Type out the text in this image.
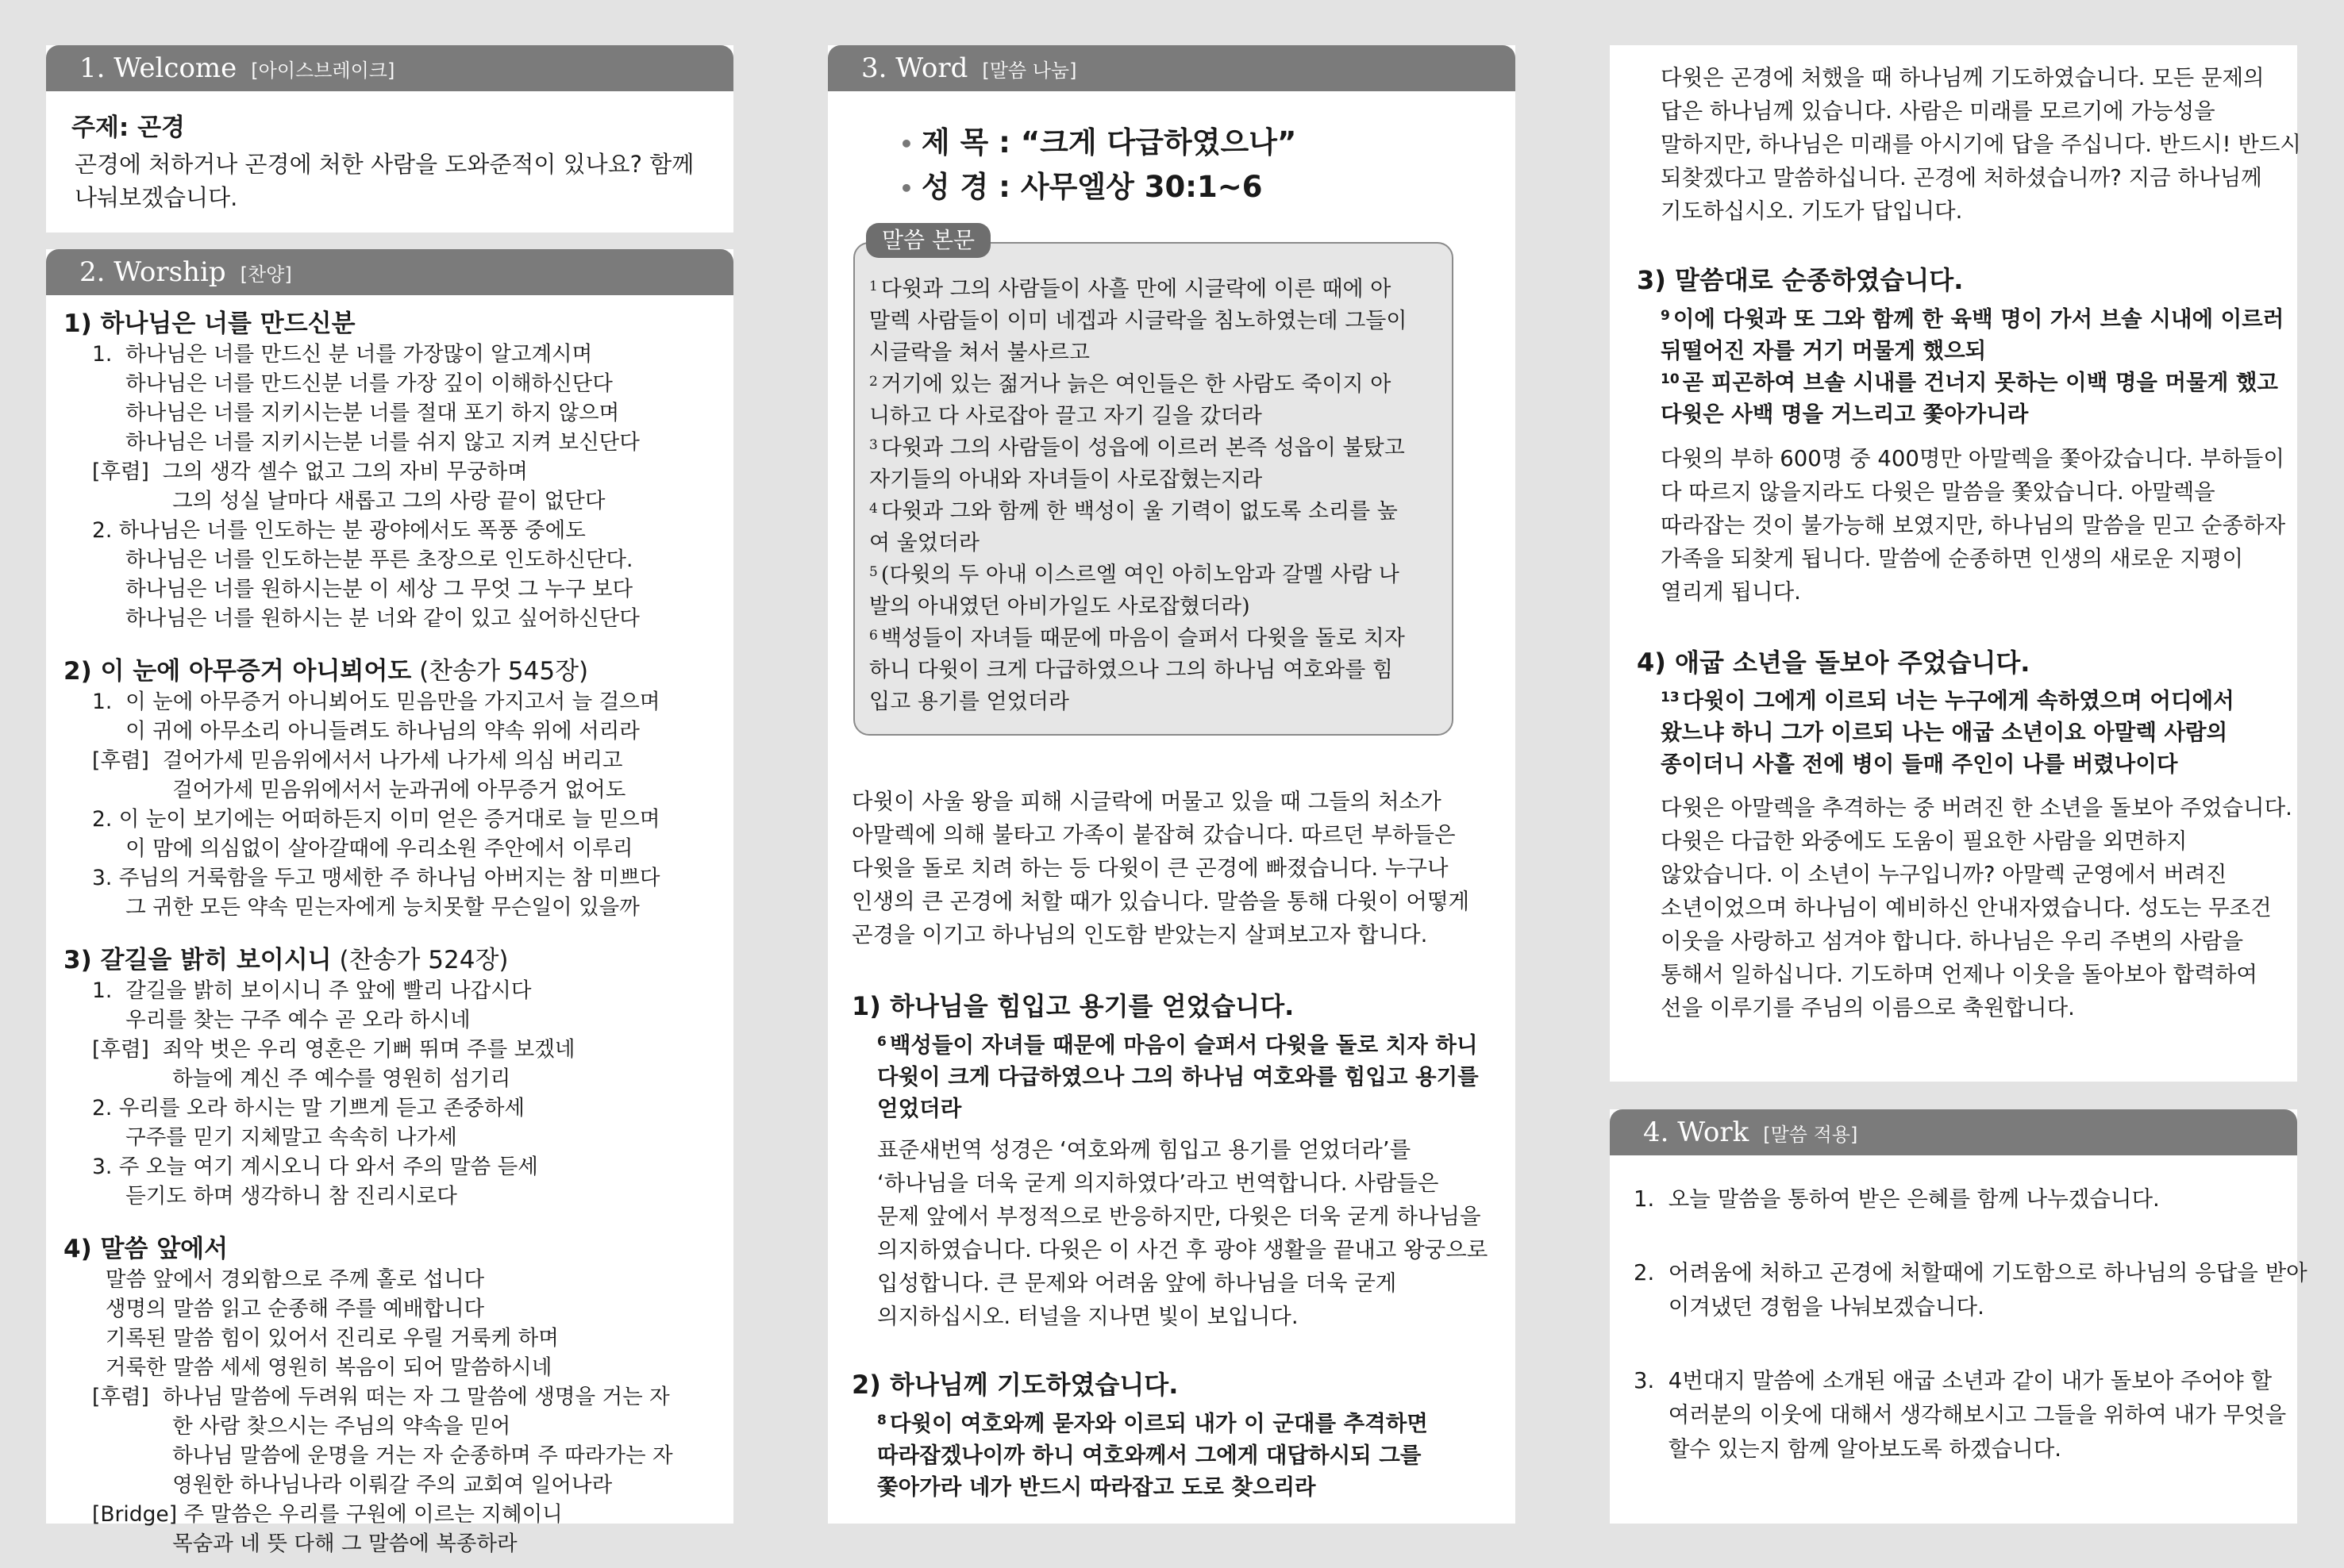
1. Welcome [아이스브레이크]
주제: 곤경
곤경에 처하거나 곤경에 처한 사람을 도와준적이 있나요? 함께
나눠보겠습니다.
2. Worship [찬양]
1) 하나님은 너를 만드신분
1.  하나님은 너를 만드신 분 너를 가장많이 알고계시며
하나님은 너를 만드신분 너를 가장 깊이 이해하신단다
하나님은 너를 지키시는분 너를 절대 포기 하지 않으며
하나님은 너를 지키시는분 너를 쉬지 않고 지켜 보신단다
[후렴]  그의 생각 셀수 없고 그의 자비 무궁하며
그의 성실 날마다 새롭고 그의 사랑 끝이 없단다
2. 하나님은 너를 인도하는 분 광야에서도 폭풍 중에도
하나님은 너를 인도하는분 푸른 초장으로 인도하신단다.
하나님은 너를 원하시는분 이 세상 그 무엇 그 누구 보다
하나님은 너를 원하시는 분 너와 같이 있고 싶어하신단다
2) 이 눈에 아무증거 아니뵈어도 (찬송가 545장)
1.  이 눈에 아무증거 아니뵈어도 믿음만을 가지고서 늘 걸으며
이 귀에 아무소리 아니들려도 하나님의 약속 위에 서리라
[후렴]  걸어가세 믿음위에서서 나가세 나가세 의심 버리고
걸어가세 믿음위에서서 눈과귀에 아무증거 없어도
2. 이 눈이 보기에는 어떠하든지 이미 얻은 증거대로 늘 믿으며
이 맘에 의심없이 살아갈때에 우리소원 주안에서 이루리
3. 주님의 거룩함을 두고 맹세한 주 하나님 아버지는 참 미쁘다
그 귀한 모든 약속 믿는자에게 능치못할 무슨일이 있을까
3) 갈길을 밝히 보이시니 (찬송가 524장)
1.  갈길을 밝히 보이시니 주 앞에 빨리 나갑시다
우리를 찾는 구주 예수 곧 오라 하시네
[후렴]  죄악 벗은 우리 영혼은 기뻐 뛰며 주를 보겠네
하늘에 계신 주 예수를 영원히 섬기리
2. 우리를 오라 하시는 말 기쁘게 듣고 존중하세
구주를 믿기 지체말고 속속히 나가세
3. 주 오늘 여기 계시오니 다 와서 주의 말씀 듣세
듣기도 하며 생각하니 참 진리시로다
4) 말씀 앞에서
말씀 앞에서 경외함으로 주께 홀로 섭니다
생명의 말씀 읽고 순종해 주를 예배합니다
기록된 말씀 힘이 있어서 진리로 우릴 거룩케 하며
거룩한 말씀 세세 영원히 복음이 되어 말씀하시네
[후렴]  하나님 말씀에 두려워 떠는 자 그 말씀에 생명을 거는 자
한 사람 찾으시는 주님의 약속을 믿어
하나님 말씀에 운명을 거는 자 순종하며 주 따라가는 자
영원한 하나님나라 이뤄갈 주의 교회여 일어나라
[Bridge] 주 말씀은 우리를 구원에 이르는 지혜이니
목숨과 네 뜻 다해 그 말씀에 복종하라
3. Word [말씀 나눔]
• 제 목 : “크게 다급하였으나”
• 성 경 : 사무엘상 30:1~6
말씀 본문
$^1$ 다윗과 그의 사람들이 사흘 만에 시글락에 이른 때에 아
말렉 사람들이 이미 네겝과 시글락을 침노하였는데 그들이
시글락을 쳐서 불사르고
$^2$ 거기에 있는 젊거나 늙은 여인들은 한 사람도 죽이지 아
니하고 다 사로잡아 끌고 자기 길을 갔더라
$^3$ 다윗과 그의 사람들이 성읍에 이르러 본즉 성읍이 불탔고
자기들의 아내와 자녀들이 사로잡혔는지라
$^4$ 다윗과 그와 함께 한 백성이 울 기력이 없도록 소리를 높
여 울었더라
$^5$ (다윗의 두 아내 이스르엘 여인 아히노암과 갈멜 사람 나
발의 아내였던 아비가일도 사로잡혔더라)
$^6$ 백성들이 자녀들 때문에 마음이 슬퍼서 다윗을 돌로 치자
하니 다윗이 크게 다급하였으나 그의 하나님 여호와를 힘
입고 용기를 얻었더라
다윗이 사울 왕을 피해 시글락에 머물고 있을 때 그들의 처소가
아말렉에 의해 불타고 가족이 붙잡혀 갔습니다. 따르던 부하들은
다윗을 돌로 치려 하는 등 다윗이 큰 곤경에 빠졌습니다. 누구나
인생의 큰 곤경에 처할 때가 있습니다. 말씀을 통해 다윗이 어떻게
곤경을 이기고 하나님의 인도함 받았는지 살펴보고자 합니다.
1) 하나님을 힘입고 용기를 얻었습니다.
$^6$ 백성들이 자녀들 때문에 마음이 슬퍼서 다윗을 돌로 치자 하니
다윗이 크게 다급하였으나 그의 하나님 여호와를 힘입고 용기를
얻었더라
표준새번역 성경은 ‘여호와께 힘입고 용기를 얻었더라’를
‘하나님을 더욱 굳게 의지하였다’라고 번역합니다. 사람들은
문제 앞에서 부정적으로 반응하지만, 다윗은 더욱 굳게 하나님을
의지하였습니다. 다윗은 이 사건 후 광야 생활을 끝내고 왕궁으로
입성합니다. 큰 문제와 어려움 앞에 하나님을 더욱 굳게
의지하십시오. 터널을 지나면 빛이 보입니다.
2) 하나님께 기도하였습니다.
$^8$ 다윗이 여호와께 묻자와 이르되 내가 이 군대를 추격하면
따라잡겠나이까 하니 여호와께서 그에게 대답하시되 그를
쫓아가라 네가 반드시 따라잡고 도로 찾으리라
다윗은 곤경에 처했을 때 하나님께 기도하였습니다. 모든 문제의
답은 하나님께 있습니다. 사람은 미래를 모르기에 가능성을
말하지만, 하나님은 미래를 아시기에 답을 주십니다. 반드시! 반드시
되찾겠다고 말씀하십니다. 곤경에 처하셨습니까? 지금 하나님께
기도하십시오. 기도가 답입니다.
3) 말씀대로 순종하였습니다.
$^9$ 이에 다윗과 또 그와 함께 한 육백 명이 가서 브솔 시내에 이르러
뒤떨어진 자를 거기 머물게 했으되
$^{10}$ 곧 피곤하여 브솔 시내를 건너지 못하는 이백 명을 머물게 했고
다윗은 사백 명을 거느리고 쫓아가니라
다윗의 부하 600명 중 400명만 아말렉을 쫓아갔습니다. 부하들이
다 따르지 않을지라도 다윗은 말씀을 쫓았습니다. 아말렉을
따라잡는 것이 불가능해 보였지만, 하나님의 말씀을 믿고 순종하자
가족을 되찾게 됩니다. 말씀에 순종하면 인생의 새로운 지평이
열리게 됩니다.
4) 애굽 소년을 돌보아 주었습니다.
$^{13}$ 다윗이 그에게 이르되 너는 누구에게 속하였으며 어디에서
왔느냐 하니 그가 이르되 나는 애굽 소년이요 아말렉 사람의
종이더니 사흘 전에 병이 들매 주인이 나를 버렸나이다
다윗은 아말렉을 추격하는 중 버려진 한 소년을 돌보아 주었습니다.
다윗은 다급한 와중에도 도움이 필요한 사람을 외면하지
않았습니다. 이 소년이 누구입니까? 아말렉 군영에서 버려진
소년이었으며 하나님이 예비하신 안내자였습니다. 성도는 무조건
이웃을 사랑하고 섬겨야 합니다. 하나님은 우리 주변의 사람을
통해서 일하십니다. 기도하며 언제나 이웃을 돌아보아 합력하여
선을 이루기를 주님의 이름으로 축원합니다.
4. Work [말씀 적용]
1.  오늘 말씀을 통하여 받은 은혜를 함께 나누겠습니다.
2.  어려움에 처하고 곤경에 처할때에 기도함으로 하나님의 응답을 받아
이겨냈던 경험을 나눠보겠습니다.
3.  4번대지 말씀에 소개된 애굽 소년과 같이 내가 돌보아 주어야 할
여러분의 이웃에 대해서 생각해보시고 그들을 위하여 내가 무엇을
할수 있는지 함께 알아보도록 하겠습니다.
